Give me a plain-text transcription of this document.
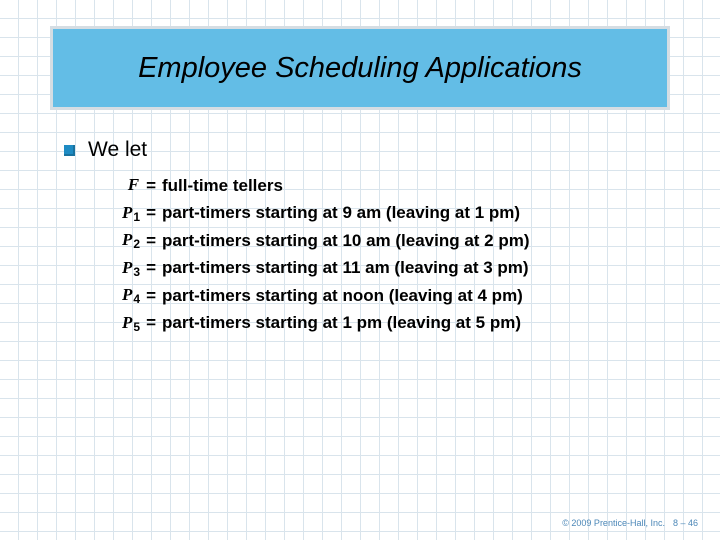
Employee Scheduling Applications
We let
F	=	full-time tellers
P1	=	part-timers starting at 9 am (leaving at 1 pm)
P2	=	part-timers starting at 10 am (leaving at 2 pm)
P3	=	part-timers starting at 11 am (leaving at 3 pm)
P4	=	part-timers starting at noon (leaving at 4 pm)
P5	=	part-timers starting at 1 pm (leaving at 5 pm)
© 2009 Prentice-Hall, Inc. 8 – 46
